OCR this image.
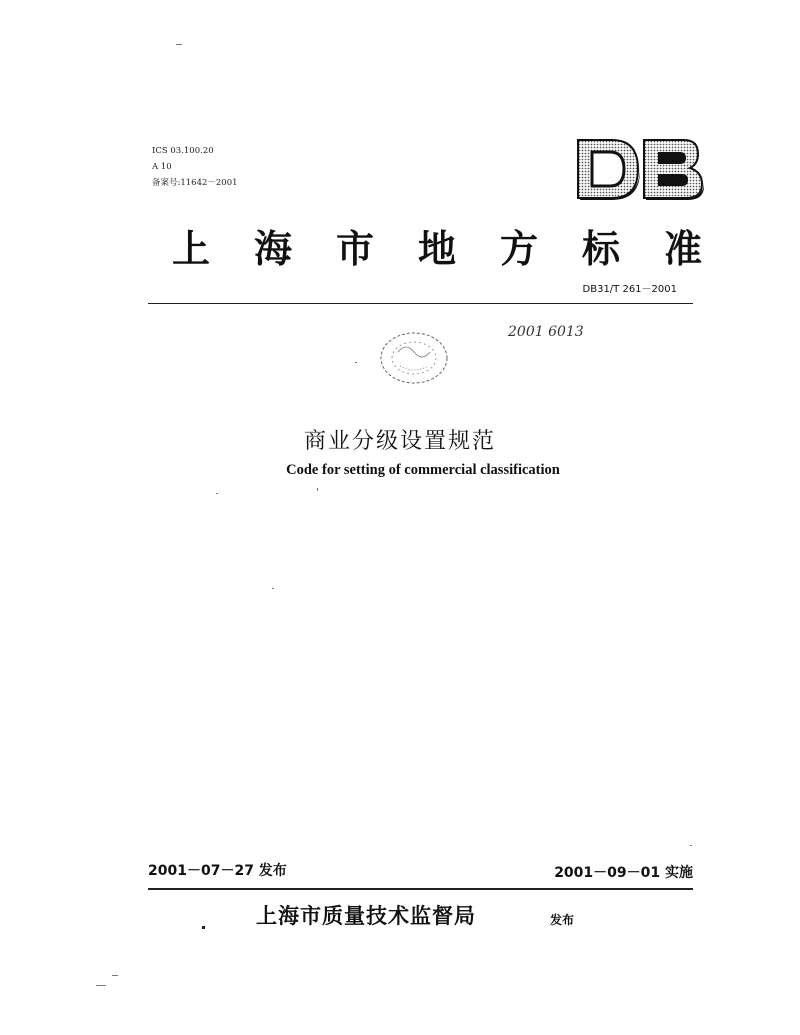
ICS 03.100.20
A 10
备案号:11642－2001
上海市地方标准
DB31/T 261－2001
2001 6013
商业分级设置规范
Code for setting of commercial classification
2001－07－27 发布	2001－09－01 实施
上海市质量技术监督局	发布
